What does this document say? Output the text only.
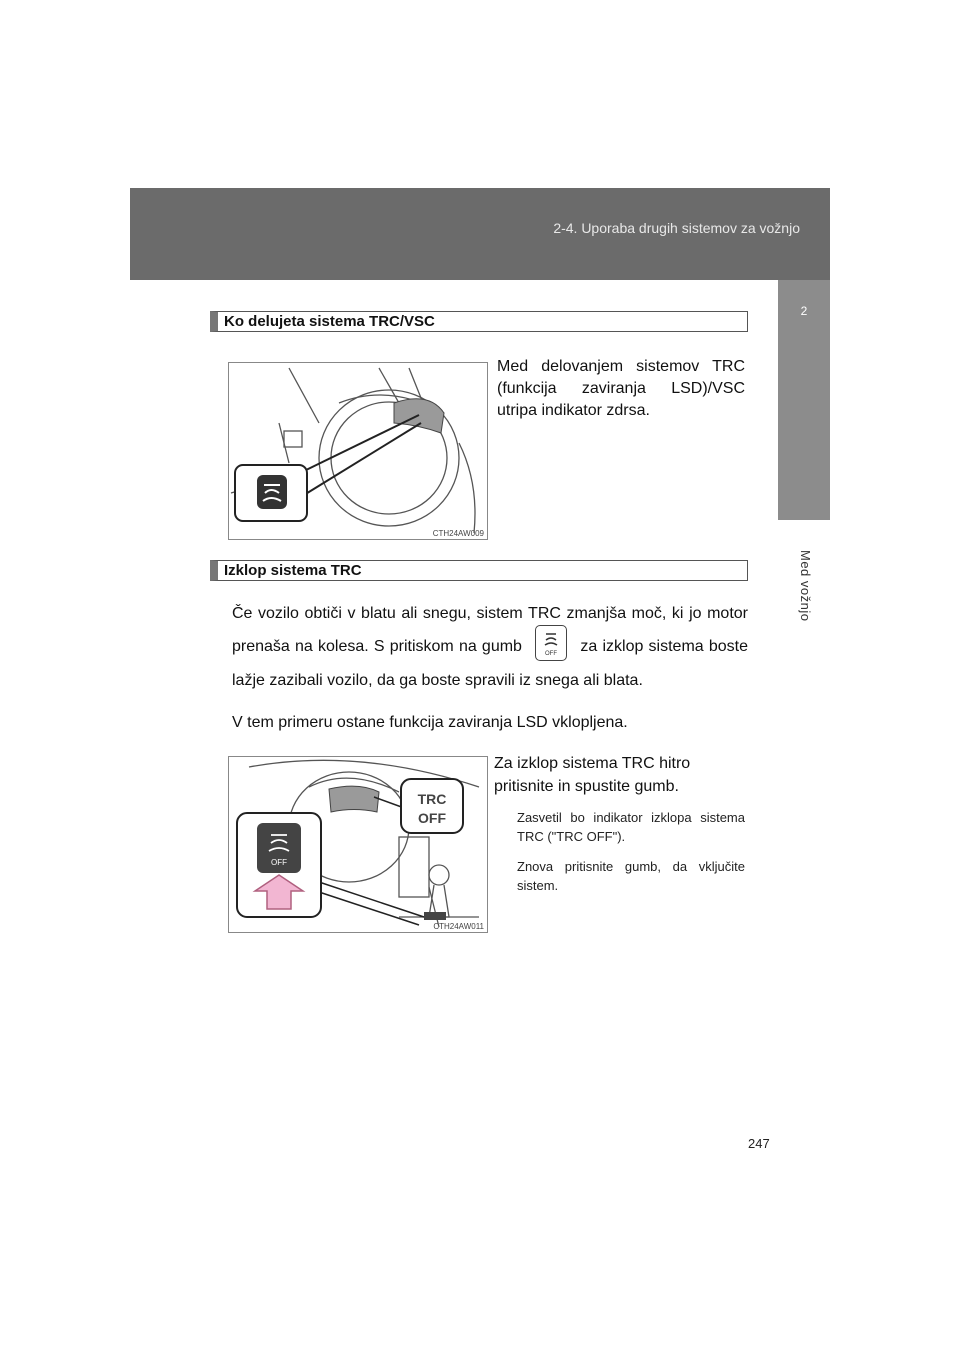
2-4. Uporaba drugih sistemov za vožnjo
2
Med vožnjo
Ko delujeta sistema TRC/VSC
CTH24AW009
Med delovanjem sistemov TRC (funkcija zaviranja LSD)/VSC utripa indikator zdrsa.
Izklop sistema TRC
Če vozilo obtiči v blatu ali snegu, sistem TRC zmanjša moč, ki jo motor prenaša na kolesa. S pritiskom na gumb	OFF za izklop sistema boste lažje zazibali vozilo, da ga boste spravili iz snega ali blata.
V tem primeru ostane funkcija zaviranja LSD vklopljena.
OFF
TRC
OFF
CTH24AW011
Za izklop sistema TRC hitro pritisnite in spustite gumb.
Zasvetil bo indikator izklopa sistema TRC ("TRC OFF").
Znova pritisnite gumb, da vključite sistem.
247
